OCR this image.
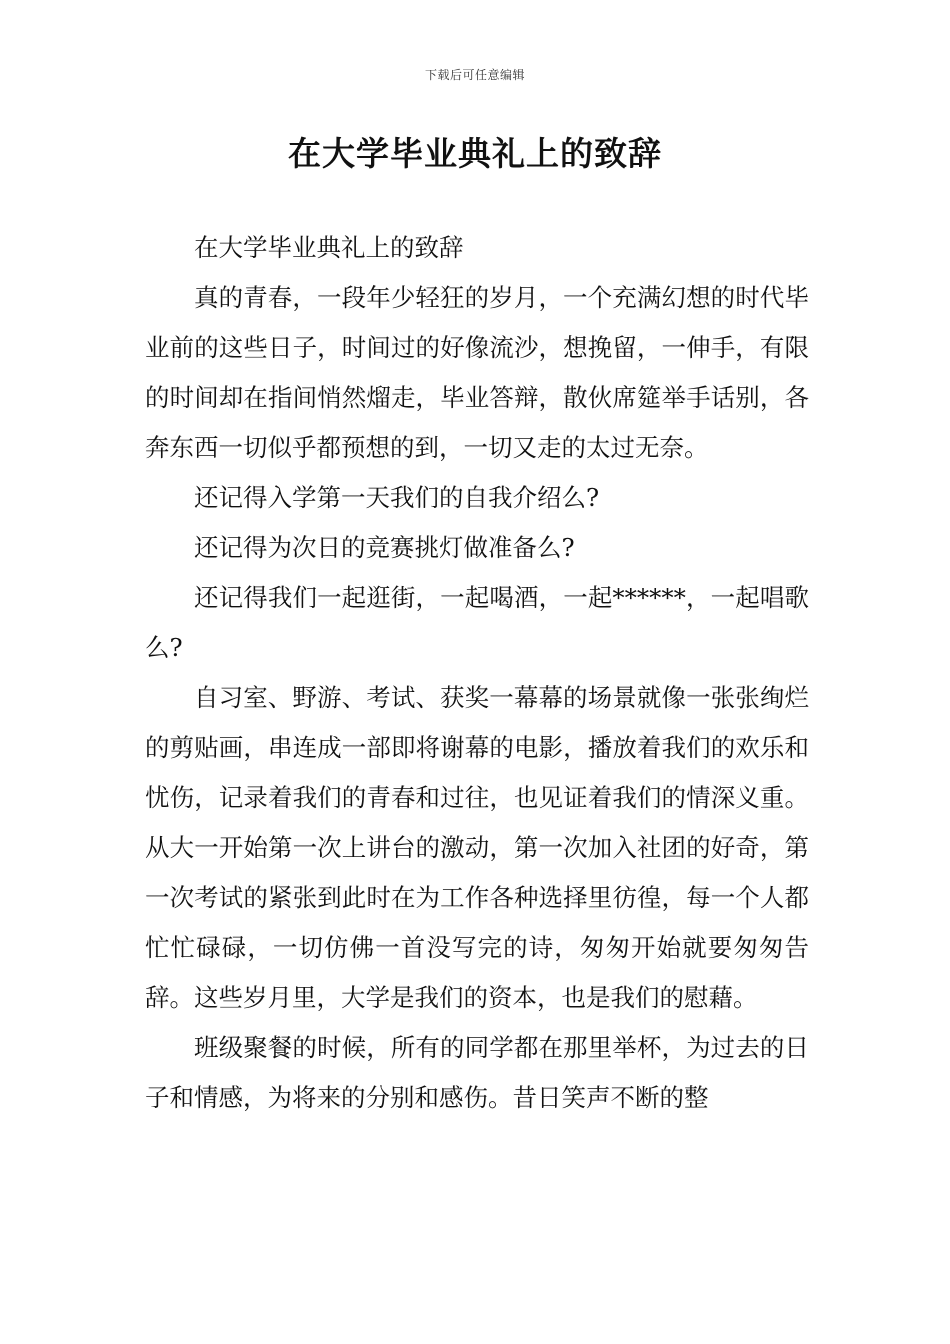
下载后可任意编辑
在大学毕业典礼上的致辞

在大学毕业典礼上的致辞

真的青春，一段年少轻狂的岁月，一个充满幻想的时代毕业前的这些日子，时间过的好像流沙，想挽留，一伸手，有限的时间却在指间悄然熘走，毕业答辩，散伙席筵举手话别，各奔东西一切似乎都预想的到，一切又走的太过无奈。

还记得入学第一天我们的自我介绍么?

还记得为次日的竞赛挑灯做准备么?

还记得我们一起逛街，一起喝酒，一起******，一起唱歌么?

自习室、野游、考试、获奖一幕幕的场景就像一张张绚烂的剪贴画，串连成一部即将谢幕的电影，播放着我们的欢乐和忧伤，记录着我们的青春和过往，也见证着我们的情深义重。从大一开始第一次上讲台的激动，第一次加入社团的好奇，第一次考试的紧张到此时在为工作各种选择里彷徨，每一个人都忙忙碌碌，一切仿佛一首没写完的诗，匆匆开始就要匆匆告辞。这些岁月里，大学是我们的资本，也是我们的慰藉。

班级聚餐的时候，所有的同学都在那里举杯，为过去的日子和情感，为将来的分别和感伤。昔日笑声不断的整
